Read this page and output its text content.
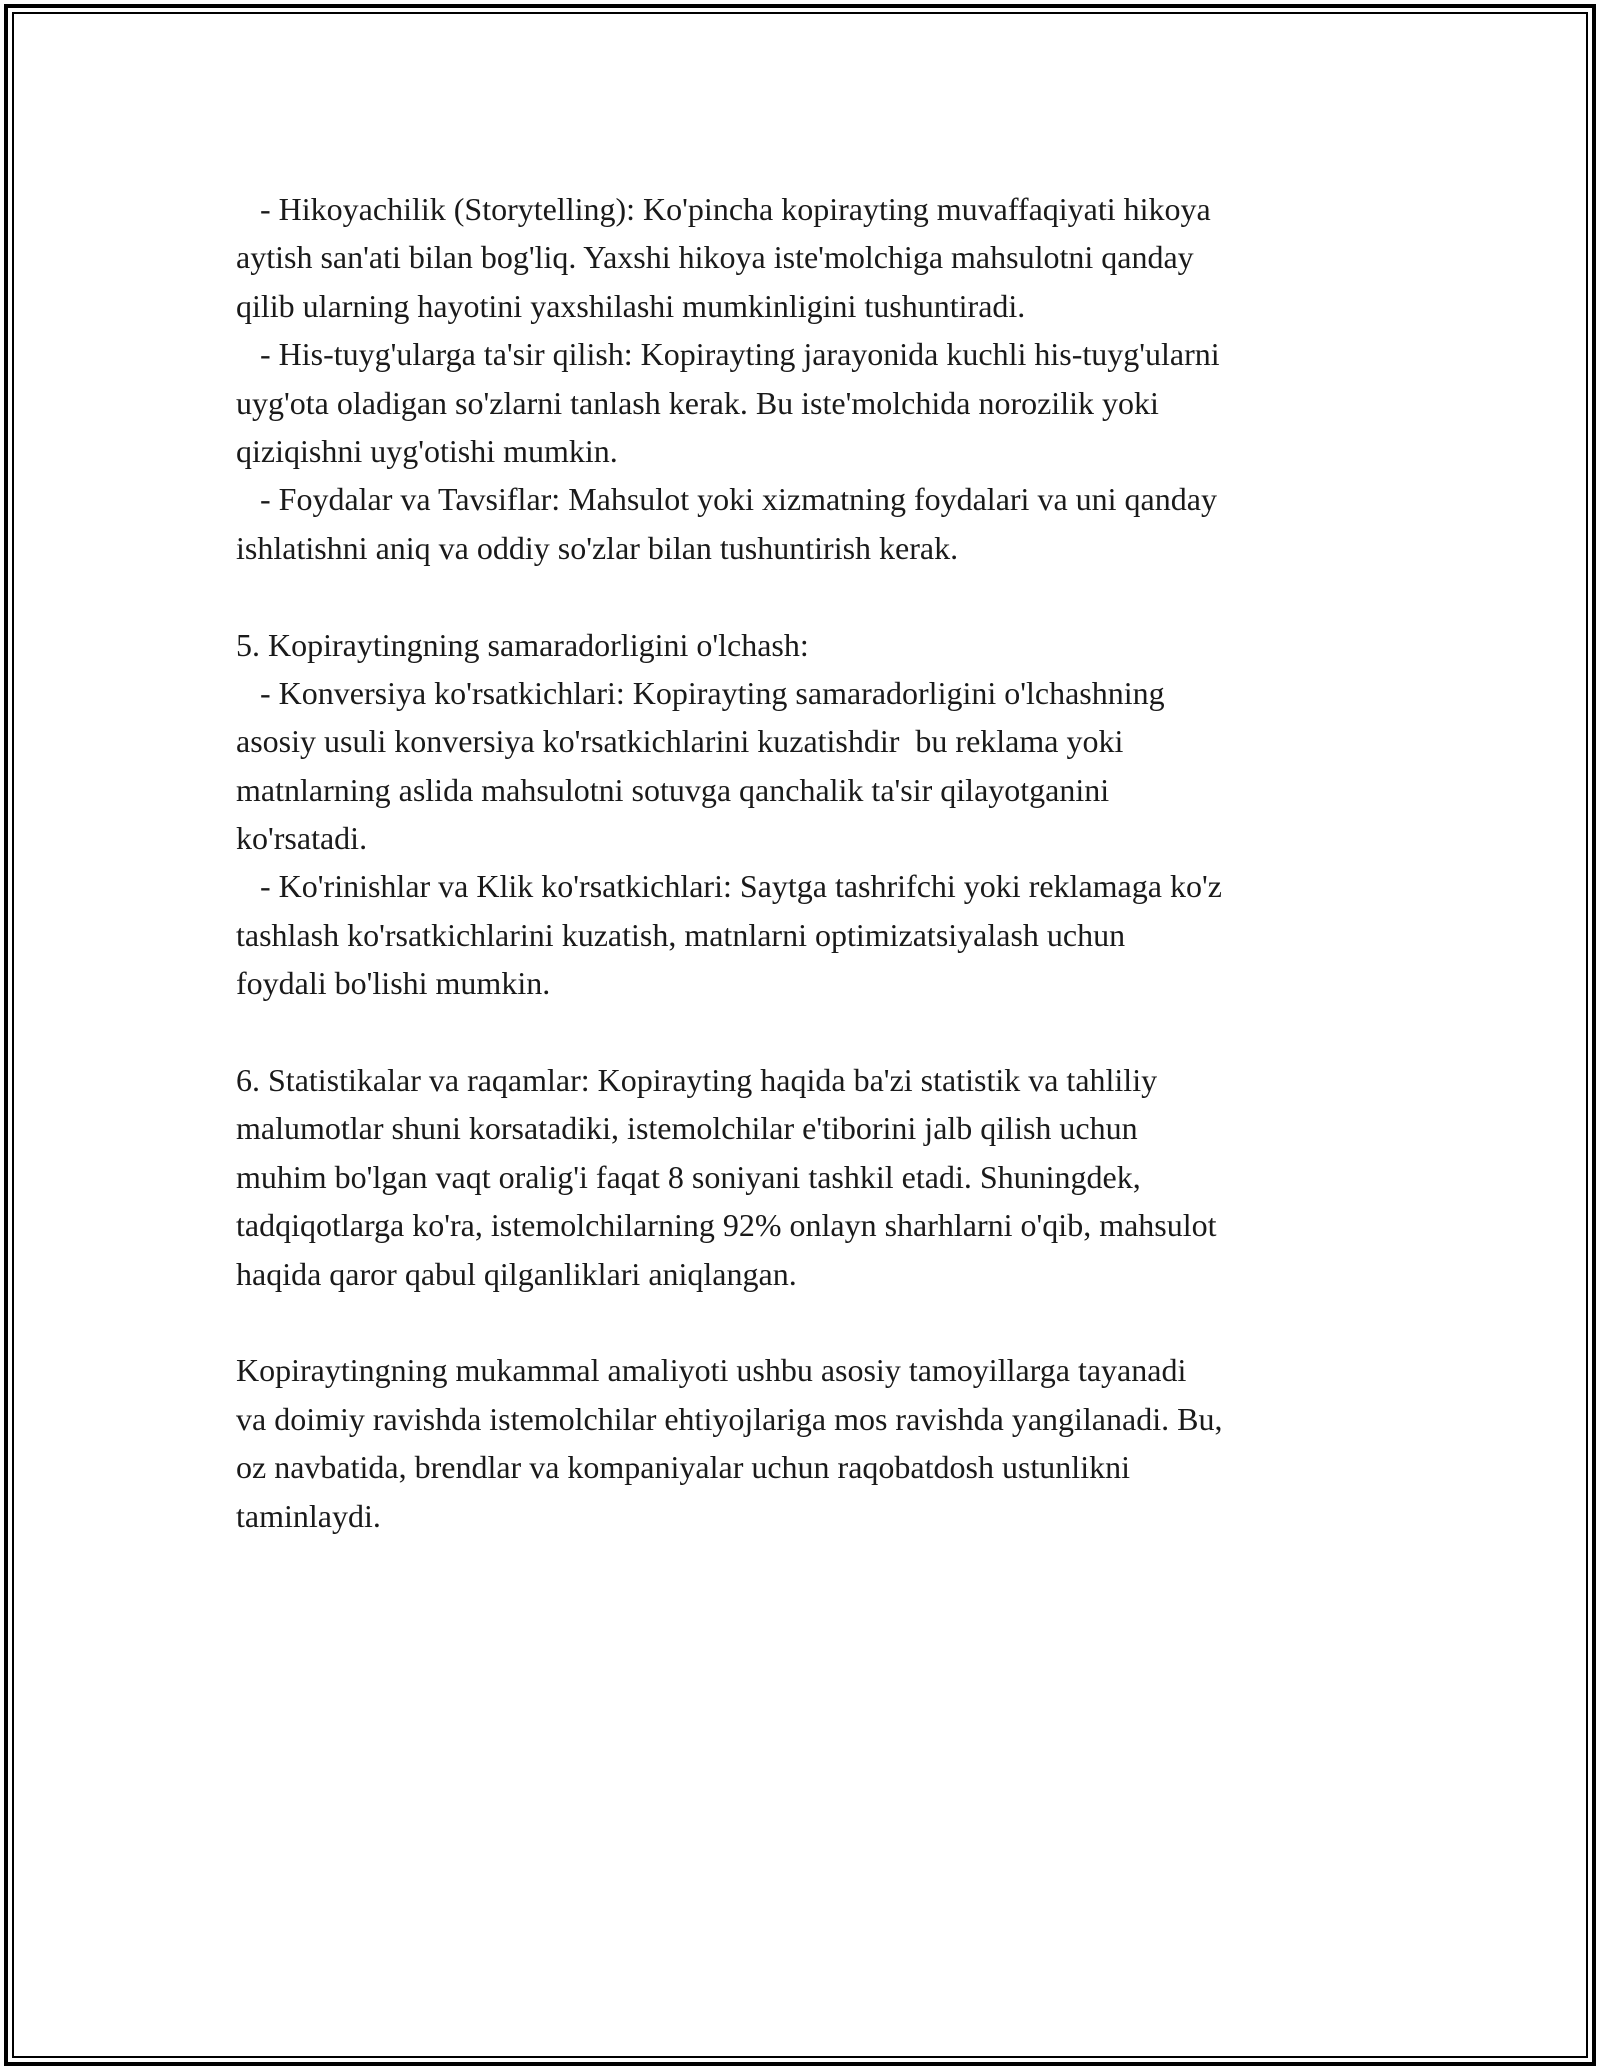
- Hikoyachilik (Storytelling): Ko'pincha kopirayting muvaffaqiyati hikoya
aytish san'ati bilan bog'liq. Yaxshi hikoya iste'molchiga mahsulotni qanday
qilib ularning hayotini yaxshilashi mumkinligini tushuntiradi.
- His-tuyg'ularga ta'sir qilish: Kopirayting jarayonida kuchli his-tuyg'ularni
uyg'ota oladigan so'zlarni tanlash kerak. Bu iste'molchida norozilik yoki
qiziqishni uyg'otishi mumkin.
- Foydalar va Tavsiflar: Mahsulot yoki xizmatning foydalari va uni qanday
ishlatishni aniq va oddiy so'zlar bilan tushuntirish kerak.
5. Kopiraytingning samaradorligini o'lchash:
- Konversiya ko'rsatkichlari: Kopirayting samaradorligini o'lchashning
asosiy usuli konversiya ko'rsatkichlarini kuzatishdir  bu reklama yoki
matnlarning aslida mahsulotni sotuvga qanchalik ta'sir qilayotganini
ko'rsatadi.
- Ko'rinishlar va Klik ko'rsatkichlari: Saytga tashrifchi yoki reklamaga ko'z
tashlash ko'rsatkichlarini kuzatish, matnlarni optimizatsiyalash uchun
foydali bo'lishi mumkin.
6. Statistikalar va raqamlar: Kopirayting haqida ba'zi statistik va tahliliy
malumotlar shuni korsatadiki, istemolchilar e'tiborini jalb qilish uchun
muhim bo'lgan vaqt oralig'i faqat 8 soniyani tashkil etadi. Shuningdek,
tadqiqotlarga ko'ra, istemolchilarning 92% onlayn sharhlarni o'qib, mahsulot
haqida qaror qabul qilganliklari aniqlangan.
Kopiraytingning mukammal amaliyoti ushbu asosiy tamoyillarga tayanadi
va doimiy ravishda istemolchilar ehtiyojlariga mos ravishda yangilanadi. Bu,
oz navbatida, brendlar va kompaniyalar uchun raqobatdosh ustunlikni
taminlaydi.
